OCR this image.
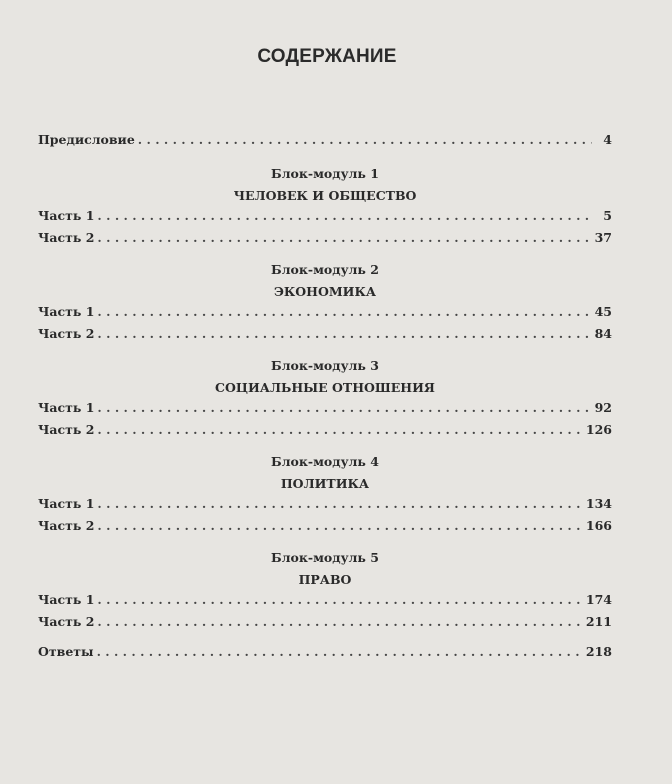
СОДЕРЖАНИЕ
Предисловие . . .	4
Блок-модуль 1
ЧЕЛОВЕК И ОБЩЕСТВО
Часть 1 . . .	5
Часть 2 . . .	37
Блок-модуль 2
ЭКОНОМИКА
Часть 1 . . .	45
Часть 2 . . .	84
Блок-модуль 3
СОЦИАЛЬНЫЕ ОТНОШЕНИЯ
Часть 1 . . .	92
Часть 2 . . .	126
Блок-модуль 4
ПОЛИТИКА
Часть 1 . . .	134
Часть 2 . . .	166
Блок-модуль 5
ПРАВО
Часть 1 . . .	174
Часть 2 . . .	211
Ответы . . .	218
